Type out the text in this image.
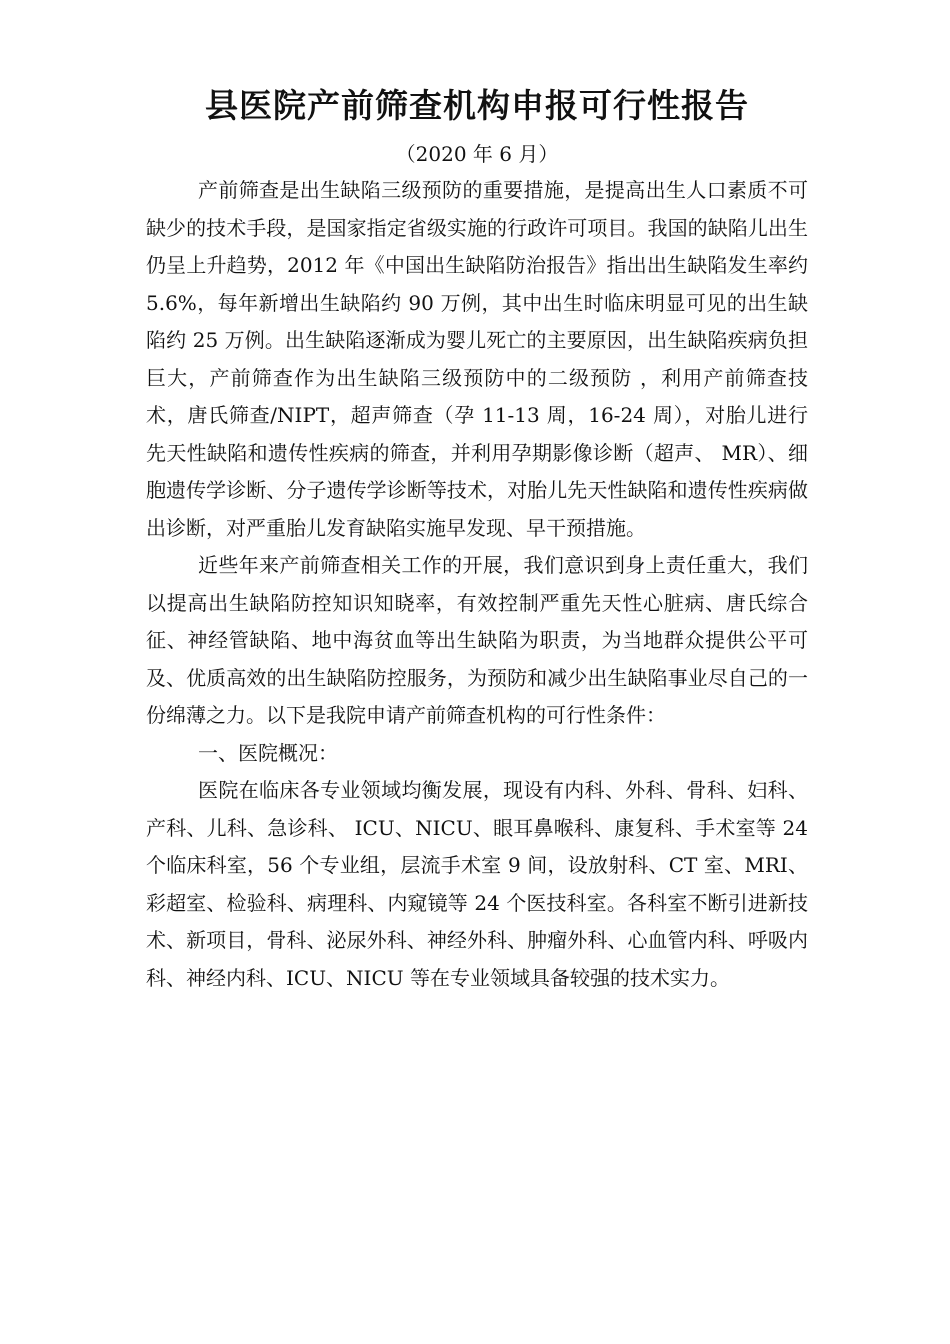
县医院产前筛查机构申报可行性报告
（2020 年 6 月）

产前筛查是出生缺陷三级预防的重要措施，是提高出生人口素质不可缺少的技术手段，是国家指定省级实施的行政许可项目。我国的缺陷儿出生仍呈上升趋势，2012 年《中国出生缺陷防治报告》指出出生缺陷发生率约 5.6%，每年新增出生缺陷约 90 万例，其中出生时临床明显可见的出生缺陷约 25 万例。出生缺陷逐渐成为婴儿死亡的主要原因，出生缺陷疾病负担巨大，产前筛查作为出生缺陷三级预防中的二级预防 ，利用产前筛查技术，唐氏筛查/NIPT，超声筛查（孕 11-13 周，16-24 周），对胎儿进行先天性缺陷和遗传性疾病的筛查，并利用孕期影像诊断（超声、 MR）、细胞遗传学诊断、分子遗传学诊断等技术，对胎儿先天性缺陷和遗传性疾病做出诊断，对严重胎儿发育缺陷实施早发现、早干预措施。

近些年来产前筛查相关工作的开展，我们意识到身上责任重大，我们以提高出生缺陷防控知识知晓率，有效控制严重先天性心脏病、唐氏综合征、神经管缺陷、地中海贫血等出生缺陷为职责，为当地群众提供公平可及、优质高效的出生缺陷防控服务，为预防和减少出生缺陷事业尽自己的一份绵薄之力。以下是我院申请产前筛查机构的可行性条件：

一、医院概况：

医院在临床各专业领域均衡发展，现设有内科、外科、骨科、妇科、产科、儿科、急诊科、 ICU、NICU、眼耳鼻喉科、康复科、手术室等 24 个临床科室，56 个专业组，层流手术室 9 间，设放射科、CT 室、MRI、彩超室、检验科、病理科、内窥镜等 24 个医技科室。各科室不断引进新技术、新项目，骨科、泌尿外科、神经外科、肿瘤外科、心血管内科、呼吸内科、神经内科、ICU、NICU 等在专业领域具备较强的技术实力。
